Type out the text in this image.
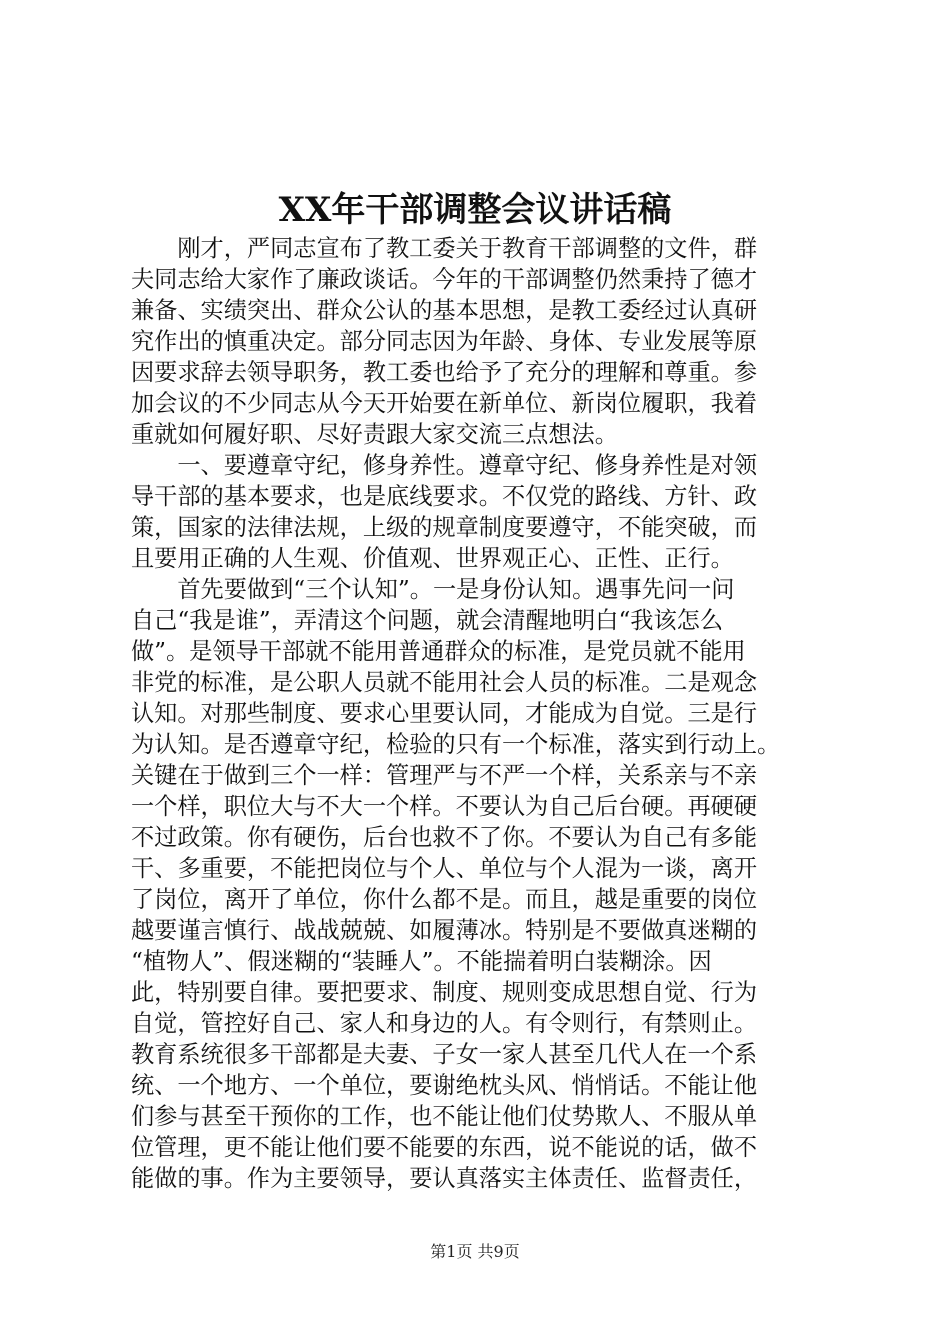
XX年干部调整会议讲话稿
　　刚才，严同志宣布了教工委关于教育干部调整的文件，群
夫同志给大家作了廉政谈话。今年的干部调整仍然秉持了德才
兼备、实绩突出、群众公认的基本思想，是教工委经过认真研
究作出的慎重决定。部分同志因为年龄、身体、专业发展等原
因要求辞去领导职务，教工委也给予了充分的理解和尊重。参
加会议的不少同志从今天开始要在新单位、新岗位履职，我着
重就如何履好职、尽好责跟大家交流三点想法。
　　一、要遵章守纪，修身养性。遵章守纪、修身养性是对领
导干部的基本要求，也是底线要求。不仅党的路线、方针、政
策，国家的法律法规，上级的规章制度要遵守，不能突破，而
且要用正确的人生观、价值观、世界观正心、正性、正行。
　　首先要做到“三个认知”。一是身份认知。遇事先问一问
自己“我是谁”，弄清这个问题，就会清醒地明白“我该怎么
做”。是领导干部就不能用普通群众的标准，是党员就不能用
非党的标准，是公职人员就不能用社会人员的标准。二是观念
认知。对那些制度、要求心里要认同，才能成为自觉。三是行
为认知。是否遵章守纪，检验的只有一个标准，落实到行动上。
关键在于做到三个一样：管理严与不严一个样，关系亲与不亲
一个样，职位大与不大一个样。不要认为自己后台硬。再硬硬
不过政策。你有硬伤，后台也救不了你。不要认为自己有多能
干、多重要，不能把岗位与个人、单位与个人混为一谈，离开
了岗位，离开了单位，你什么都不是。而且，越是重要的岗位
越要谨言慎行、战战兢兢、如履薄冰。特别是不要做真迷糊的
“植物人”、假迷糊的“装睡人”。不能揣着明白装糊涂。因
此，特别要自律。要把要求、制度、规则变成思想自觉、行为
自觉，管控好自己、家人和身边的人。有令则行，有禁则止。
教育系统很多干部都是夫妻、子女一家人甚至几代人在一个系
统、一个地方、一个单位，要谢绝枕头风、悄悄话。不能让他
们参与甚至干预你的工作，也不能让他们仗势欺人、不服从单
位管理，更不能让他们要不能要的东西，说不能说的话，做不
能做的事。作为主要领导，要认真落实主体责任、监督责任，
第1页 共9页
